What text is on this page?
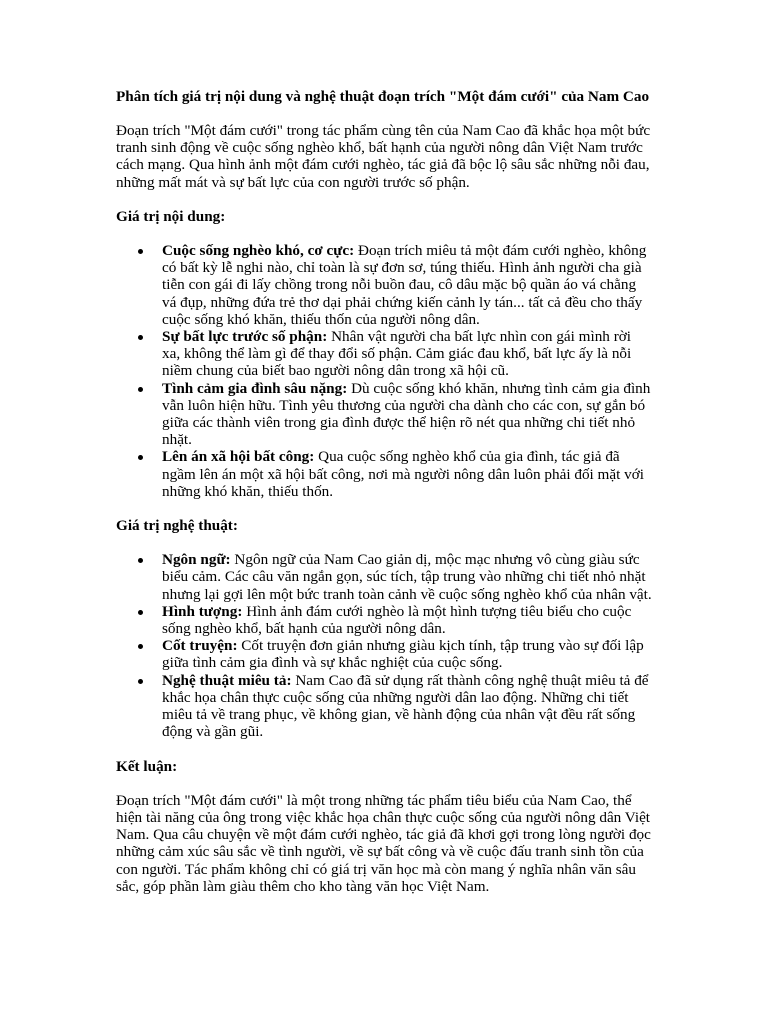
Phân tích giá trị nội dung và nghệ thuật đoạn trích "Một đám cưới" của Nam Cao

Đoạn trích "Một đám cưới" trong tác phẩm cùng tên của Nam Cao đã khắc họa một bức tranh sinh động về cuộc sống nghèo khổ, bất hạnh của người nông dân Việt Nam trước cách mạng. Qua hình ảnh một đám cưới nghèo, tác giả đã bộc lộ sâu sắc những nỗi đau, những mất mát và sự bất lực của con người trước số phận.

Giá trị nội dung:
Cuộc sống nghèo khó, cơ cực: Đoạn trích miêu tả một đám cưới nghèo, không có bất kỳ lễ nghi nào, chỉ toàn là sự đơn sơ, túng thiếu. Hình ảnh người cha già tiễn con gái đi lấy chồng trong nỗi buồn đau, cô dâu mặc bộ quần áo vá chằng vá đụp, những đứa trẻ thơ dại phải chứng kiến cảnh ly tán... tất cả đều cho thấy cuộc sống khó khăn, thiếu thốn của người nông dân.
Sự bất lực trước số phận: Nhân vật người cha bất lực nhìn con gái mình rời xa, không thể làm gì để thay đổi số phận. Cảm giác đau khổ, bất lực ấy là nỗi niềm chung của biết bao người nông dân trong xã hội cũ.
Tình cảm gia đình sâu nặng: Dù cuộc sống khó khăn, nhưng tình cảm gia đình vẫn luôn hiện hữu. Tình yêu thương của người cha dành cho các con, sự gắn bó giữa các thành viên trong gia đình được thể hiện rõ nét qua những chi tiết nhỏ nhặt.
Lên án xã hội bất công: Qua cuộc sống nghèo khổ của gia đình, tác giả đã ngầm lên án một xã hội bất công, nơi mà người nông dân luôn phải đối mặt với những khó khăn, thiếu thốn.
Giá trị nghệ thuật:
Ngôn ngữ: Ngôn ngữ của Nam Cao giản dị, mộc mạc nhưng vô cùng giàu sức biểu cảm. Các câu văn ngắn gọn, súc tích, tập trung vào những chi tiết nhỏ nhặt nhưng lại gợi lên một bức tranh toàn cảnh về cuộc sống nghèo khổ của nhân vật.
Hình tượng: Hình ảnh đám cưới nghèo là một hình tượng tiêu biểu cho cuộc sống nghèo khổ, bất hạnh của người nông dân.
Cốt truyện: Cốt truyện đơn giản nhưng giàu kịch tính, tập trung vào sự đối lập giữa tình cảm gia đình và sự khắc nghiệt của cuộc sống.
Nghệ thuật miêu tả: Nam Cao đã sử dụng rất thành công nghệ thuật miêu tả để khắc họa chân thực cuộc sống của những người dân lao động. Những chi tiết miêu tả về trang phục, về không gian, về hành động của nhân vật đều rất sống động và gần gũi.
Kết luận:

Đoạn trích "Một đám cưới" là một trong những tác phẩm tiêu biểu của Nam Cao, thể hiện tài năng của ông trong việc khắc họa chân thực cuộc sống của người nông dân Việt Nam. Qua câu chuyện về một đám cưới nghèo, tác giả đã khơi gợi trong lòng người đọc những cảm xúc sâu sắc về tình người, về sự bất công và về cuộc đấu tranh sinh tồn của con người. Tác phẩm không chỉ có giá trị văn học mà còn mang ý nghĩa nhân văn sâu sắc, góp phần làm giàu thêm cho kho tàng văn học Việt Nam.
